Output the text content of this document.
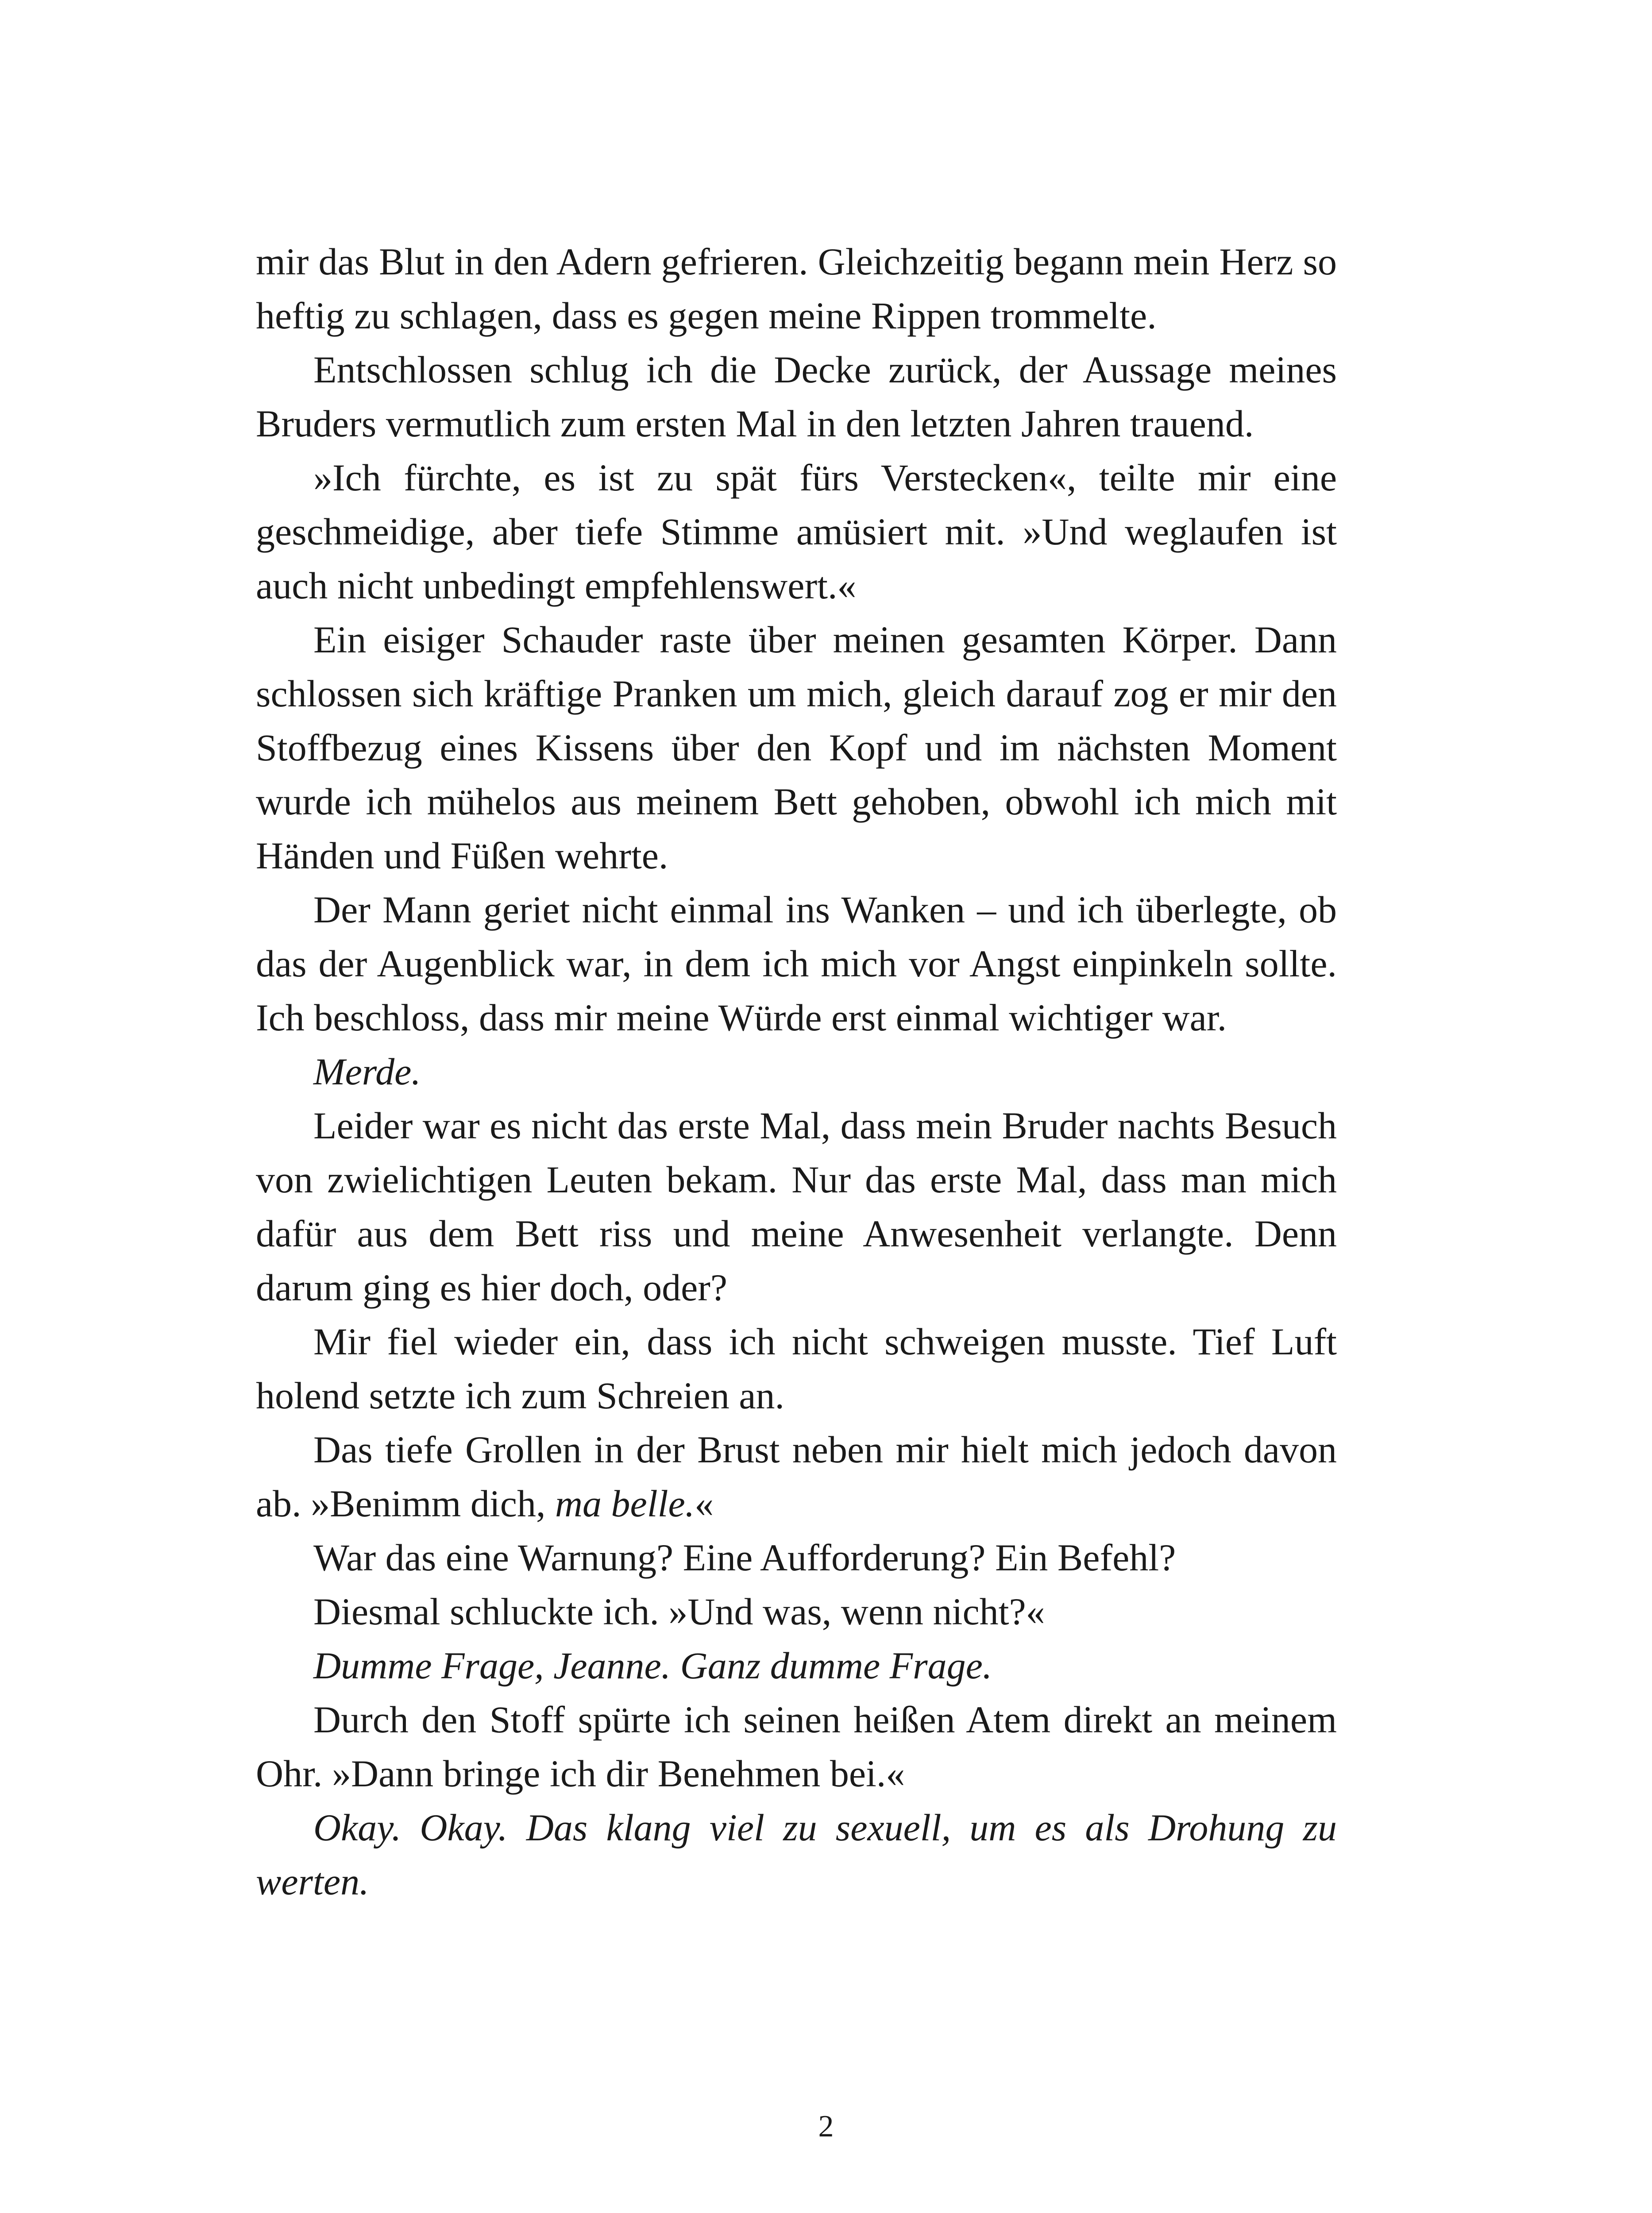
mir das Blut in den Adern gefrieren. Gleichzeitig begann mein Herz so heftig zu schlagen, dass es gegen meine Rippen trommelte.

Entschlossen schlug ich die Decke zurück, der Aussage meines Bruders vermutlich zum ersten Mal in den letzten Jahren trauend.

»Ich fürchte, es ist zu spät fürs Verstecken«, teilte mir eine geschmeidige, aber tiefe Stimme amüsiert mit. »Und weglaufen ist auch nicht unbedingt empfehlenswert.«

Ein eisiger Schauder raste über meinen gesamten Körper. Dann schlossen sich kräftige Pranken um mich, gleich darauf zog er mir den Stoffbezug eines Kissens über den Kopf und im nächsten Moment wurde ich mühelos aus meinem Bett gehoben, obwohl ich mich mit Händen und Füßen wehrte.

Der Mann geriet nicht einmal ins Wanken – und ich überlegte, ob das der Augenblick war, in dem ich mich vor Angst einpinkeln sollte. Ich beschloss, dass mir meine Würde erst einmal wichtiger war.

Merde.

Leider war es nicht das erste Mal, dass mein Bruder nachts Besuch von zwielichtigen Leuten bekam. Nur das erste Mal, dass man mich dafür aus dem Bett riss und meine Anwesenheit verlangte. Denn darum ging es hier doch, oder?

Mir fiel wieder ein, dass ich nicht schweigen musste. Tief Luft holend setzte ich zum Schreien an.

Das tiefe Grollen in der Brust neben mir hielt mich jedoch davon ab. »Benimm dich, ma belle.«

War das eine Warnung? Eine Aufforderung? Ein Befehl?

Diesmal schluckte ich. »Und was, wenn nicht?«

Dumme Frage, Jeanne. Ganz dumme Frage.

Durch den Stoff spürte ich seinen heißen Atem direkt an meinem Ohr. »Dann bringe ich dir Benehmen bei.«

Okay. Okay. Das klang viel zu sexuell, um es als Drohung zu werten.

2
